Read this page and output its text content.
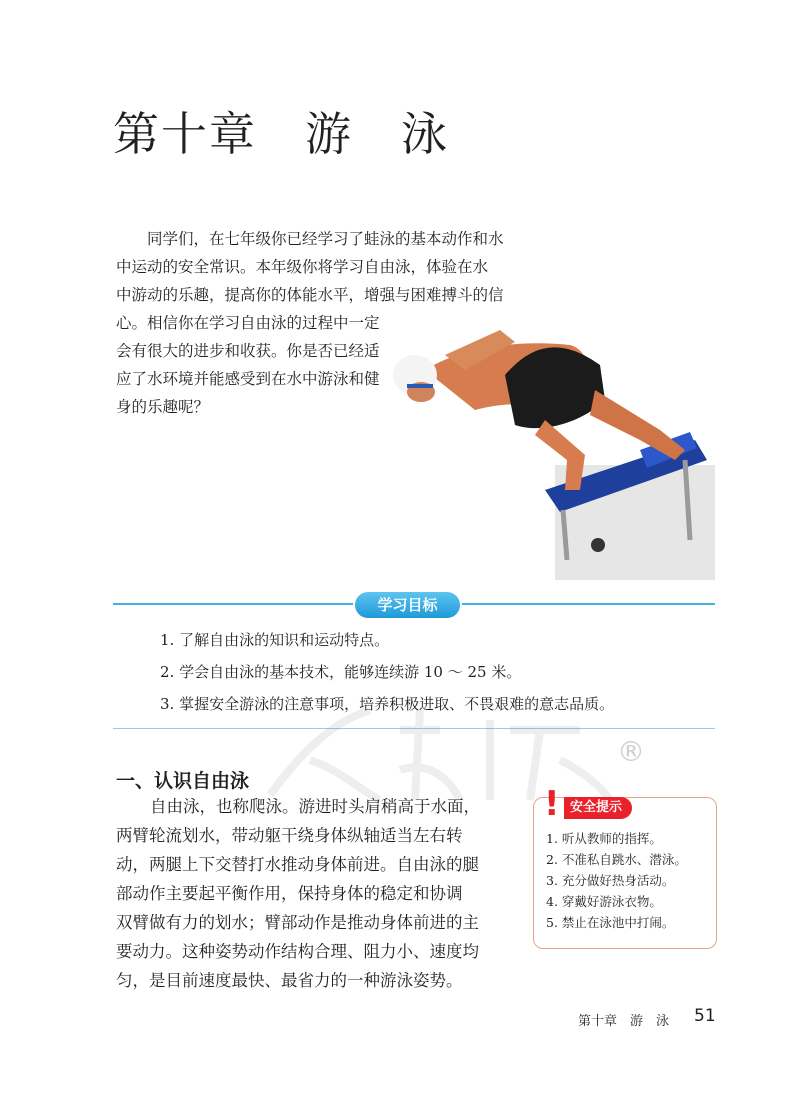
第十章　游　泳

同学们，在七年级你已经学习了蛙泳的基本动作和水
中运动的安全常识。本年级你将学习自由泳，体验在水
中游动的乐趣，提高你的体能水平，增强与困难搏斗的信
心。相信你在学习自由泳的过程中一定
会有很大的进步和收获。你是否已经适
应了水环境并能感受到在水中游泳和健
身的乐趣呢？

学习目标
1. 了解自由泳的知识和运动特点。
2. 学会自由泳的基本技术，能够连续游 10 ～ 25 米。
3. 掌握安全游泳的注意事项，培养积极进取、不畏艰难的意志品质。
®
一、认识自由泳

自由泳，也称爬泳。游进时头肩稍高于水面，
两臂轮流划水，带动躯干绕身体纵轴适当左右转
动，两腿上下交替打水推动身体前进。自由泳的腿
部动作主要起平衡作用，保持身体的稳定和协调
双臂做有力的划水；臂部动作是推动身体前进的主
要动力。这种姿势动作结构合理、阻力小、速度均
匀，是目前速度最快、最省力的一种游泳姿势。

! 安全提示
1. 听从教师的指挥。
2. 不准私自跳水、潜泳。
3. 充分做好热身活动。
4. 穿戴好游泳衣物。
5. 禁止在泳池中打闹。
第十章　游　泳 51
